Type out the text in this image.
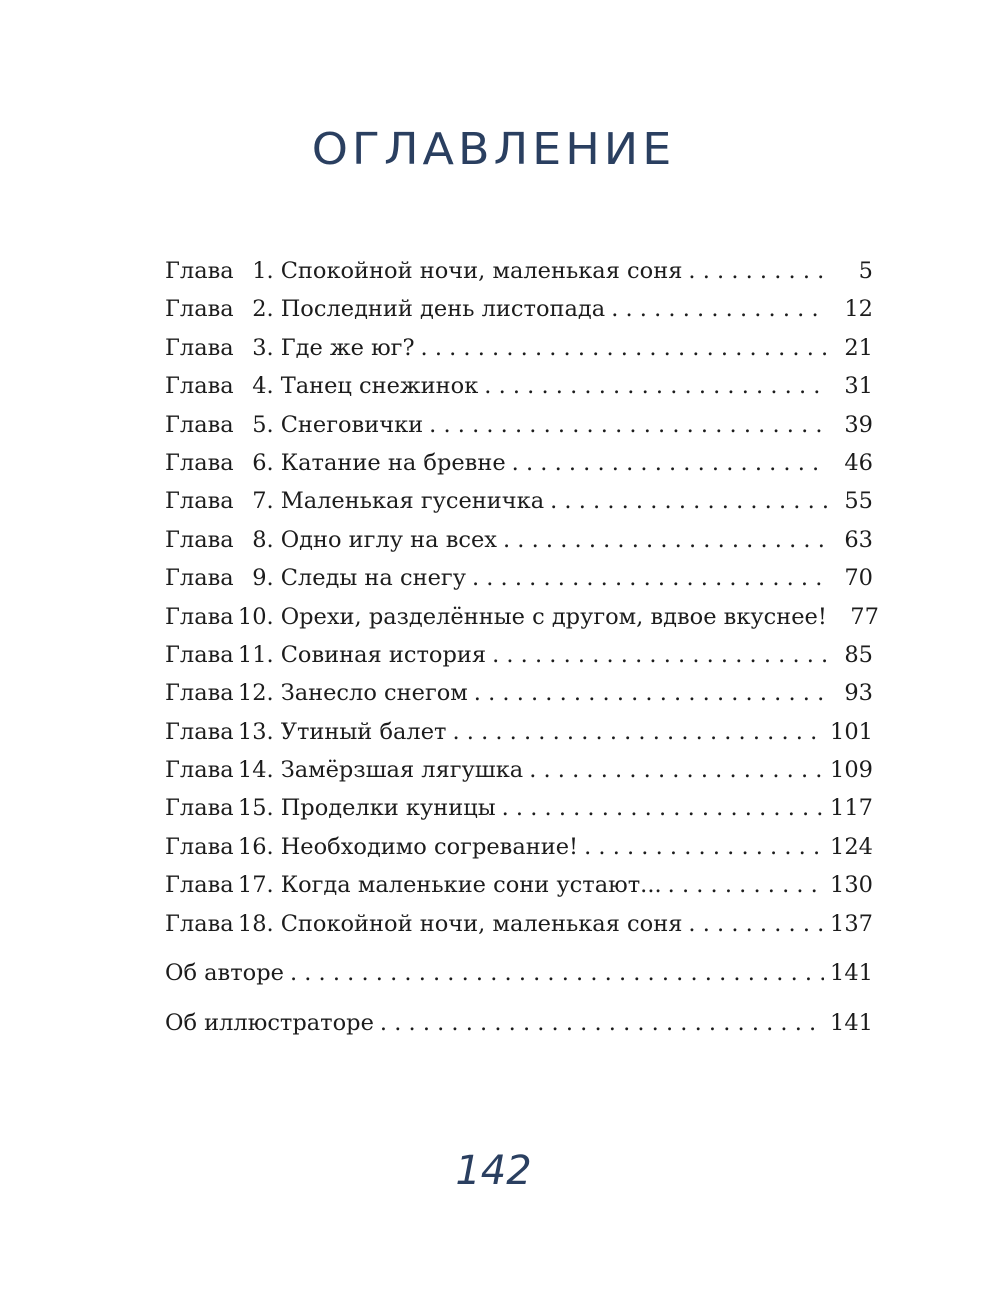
ОГЛАВЛЕНИЕ
Глава 1. Спокойной ночи, маленькая соня . . .	5
Глава 2. Последний день листопада . . .	12
Глава 3. Где же юг? . . .	21
Глава 4. Танец снежинок . . .	31
Глава 5. Снеговички . . .	39
Глава 6. Катание на бревне . . .	46
Глава 7. Маленькая гусеничка . . .	55
Глава 8. Одно иглу на всех . . .	63
Глава 9. Следы на снегу . . .	70
Глава 10. Орехи, разделённые с другом, вдвое вкуснее!	77
Глава 11. Совиная история . . .	85
Глава 12. Занесло снегом . . .	93
Глава 13. Утиный балет . . .	101
Глава 14. Замёрзшая лягушка . . .	109
Глава 15. Проделки куницы . . .	117
Глава 16. Необходимо согревание! . . .	124
Глава 17. Когда маленькие сони устают... . . .	130
Глава 18. Спокойной ночи, маленькая соня . . .	137
Об авторе . . .	141
Об иллюстраторе . . .	141
142
